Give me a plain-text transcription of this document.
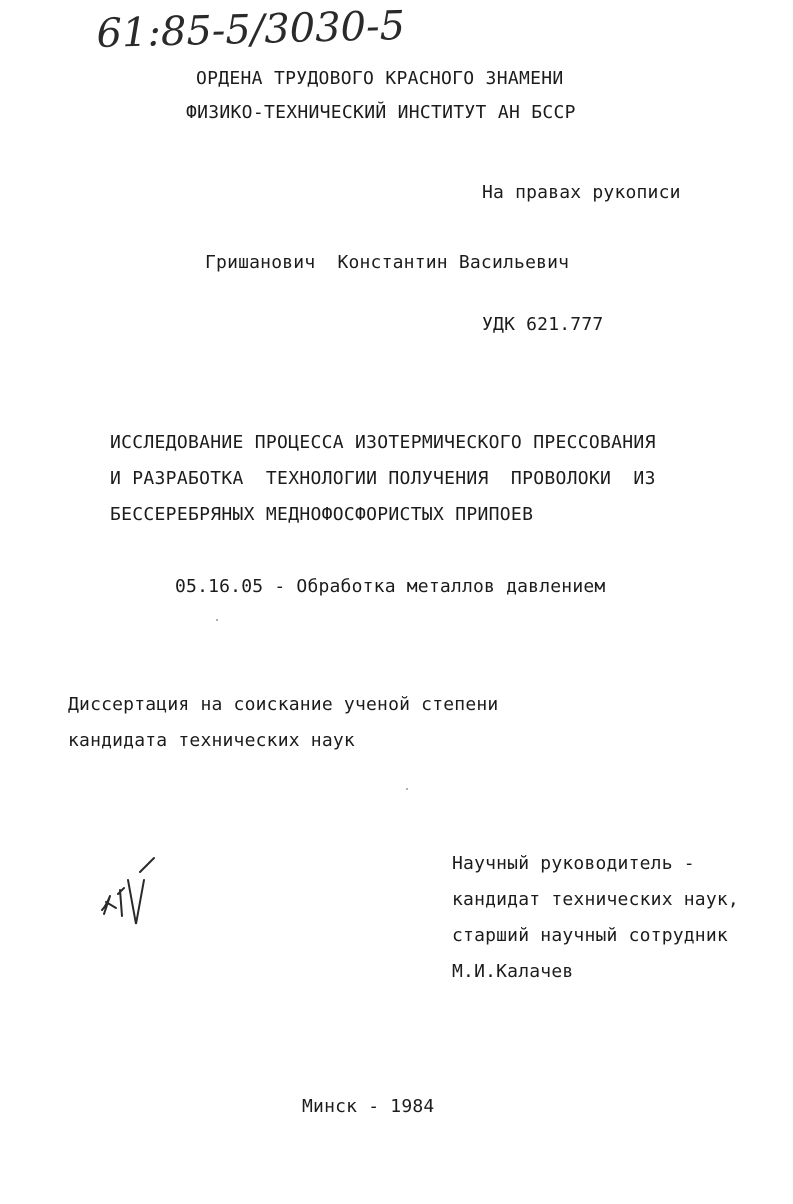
61:85-5/3030-5
ОРДЕНА ТРУДОВОГО КРАСНОГО ЗНАМЕНИ
ФИЗИКО-ТЕХНИЧЕСКИЙ ИНСТИТУТ АН БССР
На правах рукописи
Гришанович  Константин Васильевич
УДК 621.777
ИССЛЕДОВАНИЕ ПРОЦЕССА ИЗОТЕРМИЧЕСКОГО ПРЕССОВАНИЯ
И РАЗРАБОТКА  ТЕХНОЛОГИИ ПОЛУЧЕНИЯ  ПРОВОЛОКИ  ИЗ
БЕССЕРЕБРЯНЫХ МЕДНОФОСФОРИСТЫХ ПРИПОЕВ
05.16.05 - Обработка металлов давлением
Диссертация на соискание ученой степени
кандидата технических наук
Научный руководитель -
кандидат технических наук,
старший научный сотрудник
М.И.Калачев
Минск - 1984
